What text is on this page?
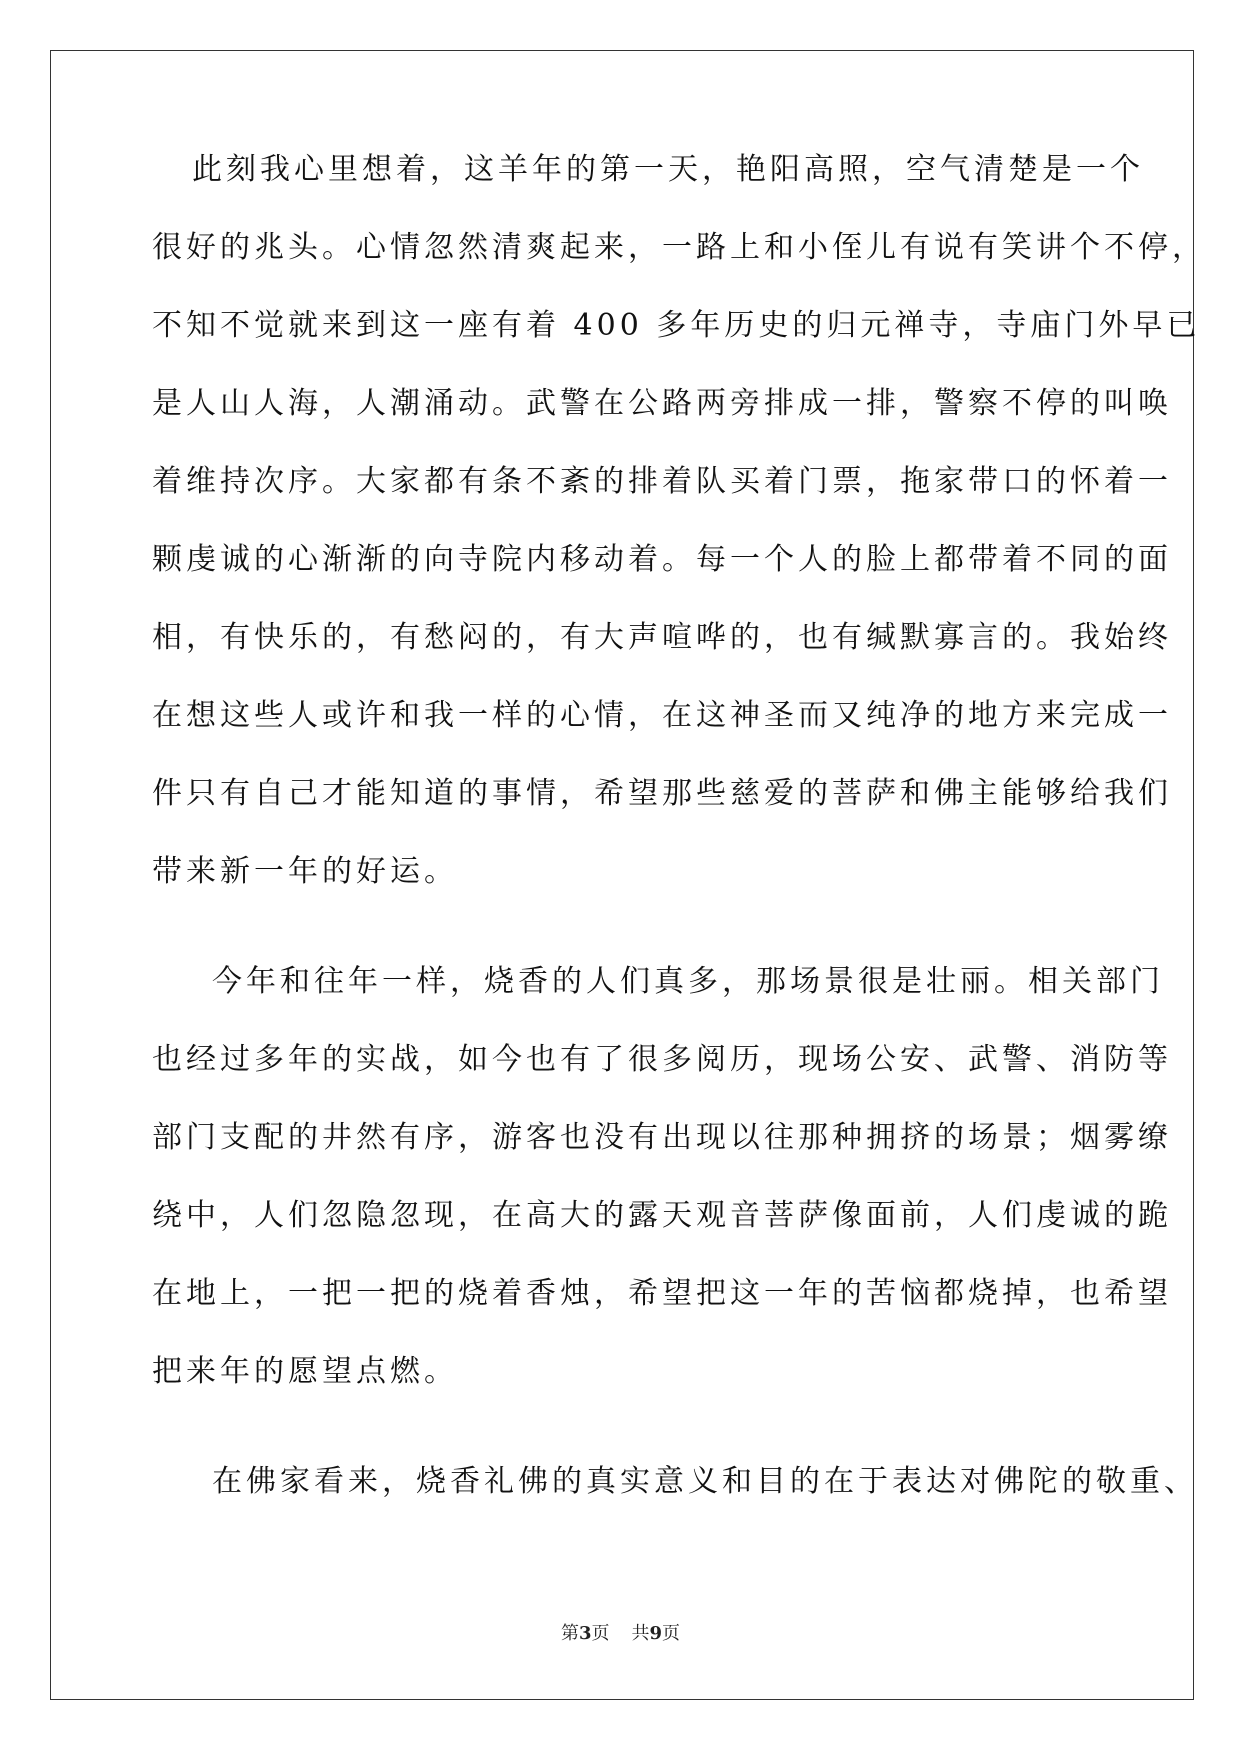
此刻我心里想着，这羊年的第一天，艳阳高照，空气清楚是一个
很好的兆头。心情忽然清爽起来，一路上和小侄儿有说有笑讲个不停，
不知不觉就来到这一座有着 400 多年历史的归元禅寺，寺庙门外早已
是人山人海，人潮涌动。武警在公路两旁排成一排，警察不停的叫唤
着维持次序。大家都有条不紊的排着队买着门票，拖家带口的怀着一
颗虔诚的心渐渐的向寺院内移动着。每一个人的脸上都带着不同的面
相，有快乐的，有愁闷的，有大声喧哗的，也有缄默寡言的。我始终
在想这些人或许和我一样的心情，在这神圣而又纯净的地方来完成一
件只有自己才能知道的事情，希望那些慈爱的菩萨和佛主能够给我们
带来新一年的好运。
今年和往年一样，烧香的人们真多，那场景很是壮丽。相关部门
也经过多年的实战，如今也有了很多阅历，现场公安、武警、消防等
部门支配的井然有序，游客也没有出现以往那种拥挤的场景；烟雾缭
绕中，人们忽隐忽现，在高大的露天观音菩萨像面前，人们虔诚的跪
在地上，一把一把的烧着香烛，希望把这一年的苦恼都烧掉，也希望
把来年的愿望点燃。
在佛家看来，烧香礼佛的真实意义和目的在于表达对佛陀的敬重、
第3页 共9页
